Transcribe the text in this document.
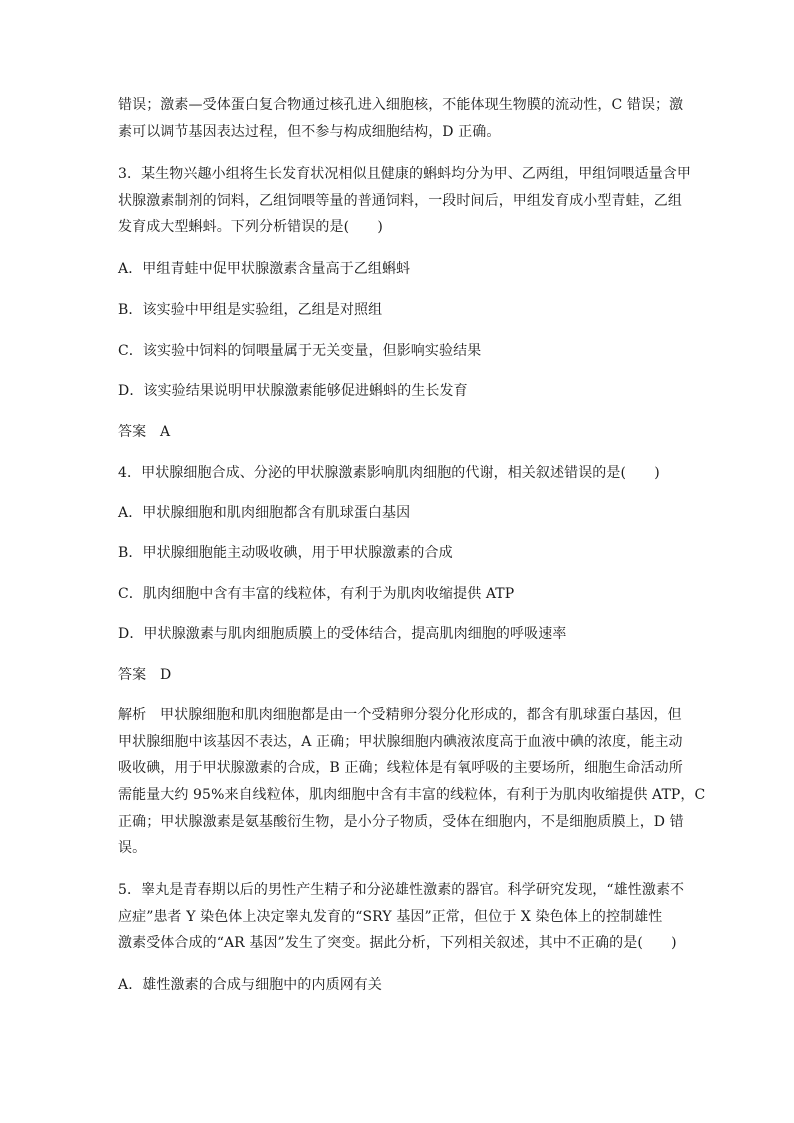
错误；激素—受体蛋白复合物通过核孔进入细胞核，不能体现生物膜的流动性，C 错误；激
素可以调节基因表达过程，但不参与构成细胞结构，D 正确。
3．某生物兴趣小组将生长发育状况相似且健康的蝌蚪均分为甲、乙两组，甲组饲喂适量含甲
状腺激素制剂的饲料，乙组饲喂等量的普通饲料，一段时间后，甲组发育成小型青蛙，乙组
发育成大型蝌蚪。下列分析错误的是(　　)
A．甲组青蛙中促甲状腺激素含量高于乙组蝌蚪
B．该实验中甲组是实验组，乙组是对照组
C．该实验中饲料的饲喂量属于无关变量，但影响实验结果
D．该实验结果说明甲状腺激素能够促进蝌蚪的生长发育
答案 A
4．甲状腺细胞合成、分泌的甲状腺激素影响肌肉细胞的代谢，相关叙述错误的是(　　)
A．甲状腺细胞和肌肉细胞都含有肌球蛋白基因
B．甲状腺细胞能主动吸收碘，用于甲状腺激素的合成
C．肌肉细胞中含有丰富的线粒体，有利于为肌肉收缩提供 ATP
D．甲状腺激素与肌肉细胞质膜上的受体结合，提高肌肉细胞的呼吸速率
答案 D
解析 甲状腺细胞和肌肉细胞都是由一个受精卵分裂分化形成的，都含有肌球蛋白基因，但
甲状腺细胞中该基因不表达，A 正确；甲状腺细胞内碘液浓度高于血液中碘的浓度，能主动
吸收碘，用于甲状腺激素的合成，B 正确；线粒体是有氧呼吸的主要场所，细胞生命活动所
需能量大约 95%来自线粒体，肌肉细胞中含有丰富的线粒体，有利于为肌肉收缩提供 ATP，C
正确；甲状腺激素是氨基酸衍生物，是小分子物质，受体在细胞内，不是细胞质膜上，D 错
误。
5．睾丸是青春期以后的男性产生精子和分泌雄性激素的器官。科学研究发现，“雄性激素不
应症”患者 Y 染色体上决定睾丸发育的“SRY 基因”正常，但位于 X 染色体上的控制雄性
激素受体合成的“AR 基因”发生了突变。据此分析，下列相关叙述，其中不正确的是(　　)
A．雄性激素的合成与细胞中的内质网有关
